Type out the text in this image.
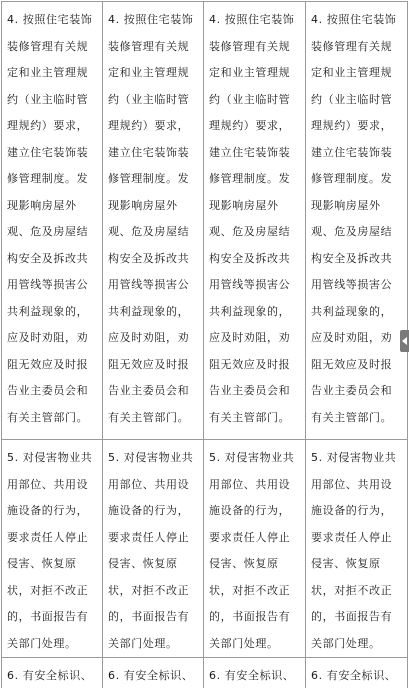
4. 按照住宅装饰装修管理有关规定和业主管理规约（业主临时管理规约）要求，建立住宅装饰装修管理制度。发现影响房屋外观、危及房屋结构安全及拆改共用管线等损害公共利益现象的，应及时劝阻，劝阻无效应及时报告业主委员会和有关主管部门。	4. 按照住宅装饰装修管理有关规定和业主管理规约（业主临时管理规约）要求，建立住宅装饰装修管理制度。发现影响房屋外观、危及房屋结构安全及拆改共用管线等损害公共利益现象的，应及时劝阻，劝阻无效应及时报告业主委员会和有关主管部门。	4. 按照住宅装饰装修管理有关规定和业主管理规约（业主临时管理规约）要求，建立住宅装饰装修管理制度。发现影响房屋外观、危及房屋结构安全及拆改共用管线等损害公共利益现象的，应及时劝阻，劝阻无效应及时报告业主委员会和有关主管部门。	4. 按照住宅装饰装修管理有关规定和业主管理规约（业主临时管理规约）要求，建立住宅装饰装修管理制度。发现影响房屋外观、危及房屋结构安全及拆改共用管线等损害公共利益现象的，应及时劝阻，劝阻无效应及时报告业主委员会和有关主管部门。
5. 对侵害物业共用部位、共用设施设备的行为，要求责任人停止侵害、恢复原状，对拒不改正的，书面报告有关部门处理。	5. 对侵害物业共用部位、共用设施设备的行为，要求责任人停止侵害、恢复原状，对拒不改正的，书面报告有关部门处理。	5. 对侵害物业共用部位、共用设施设备的行为，要求责任人停止侵害、恢复原状，对拒不改正的，书面报告有关部门处理。	5. 对侵害物业共用部位、共用设施设备的行为，要求责任人停止侵害、恢复原状，对拒不改正的，书面报告有关部门处理。
6. 有安全标识、	6. 有安全标识、	6. 有安全标识、	6. 有安全标识、
